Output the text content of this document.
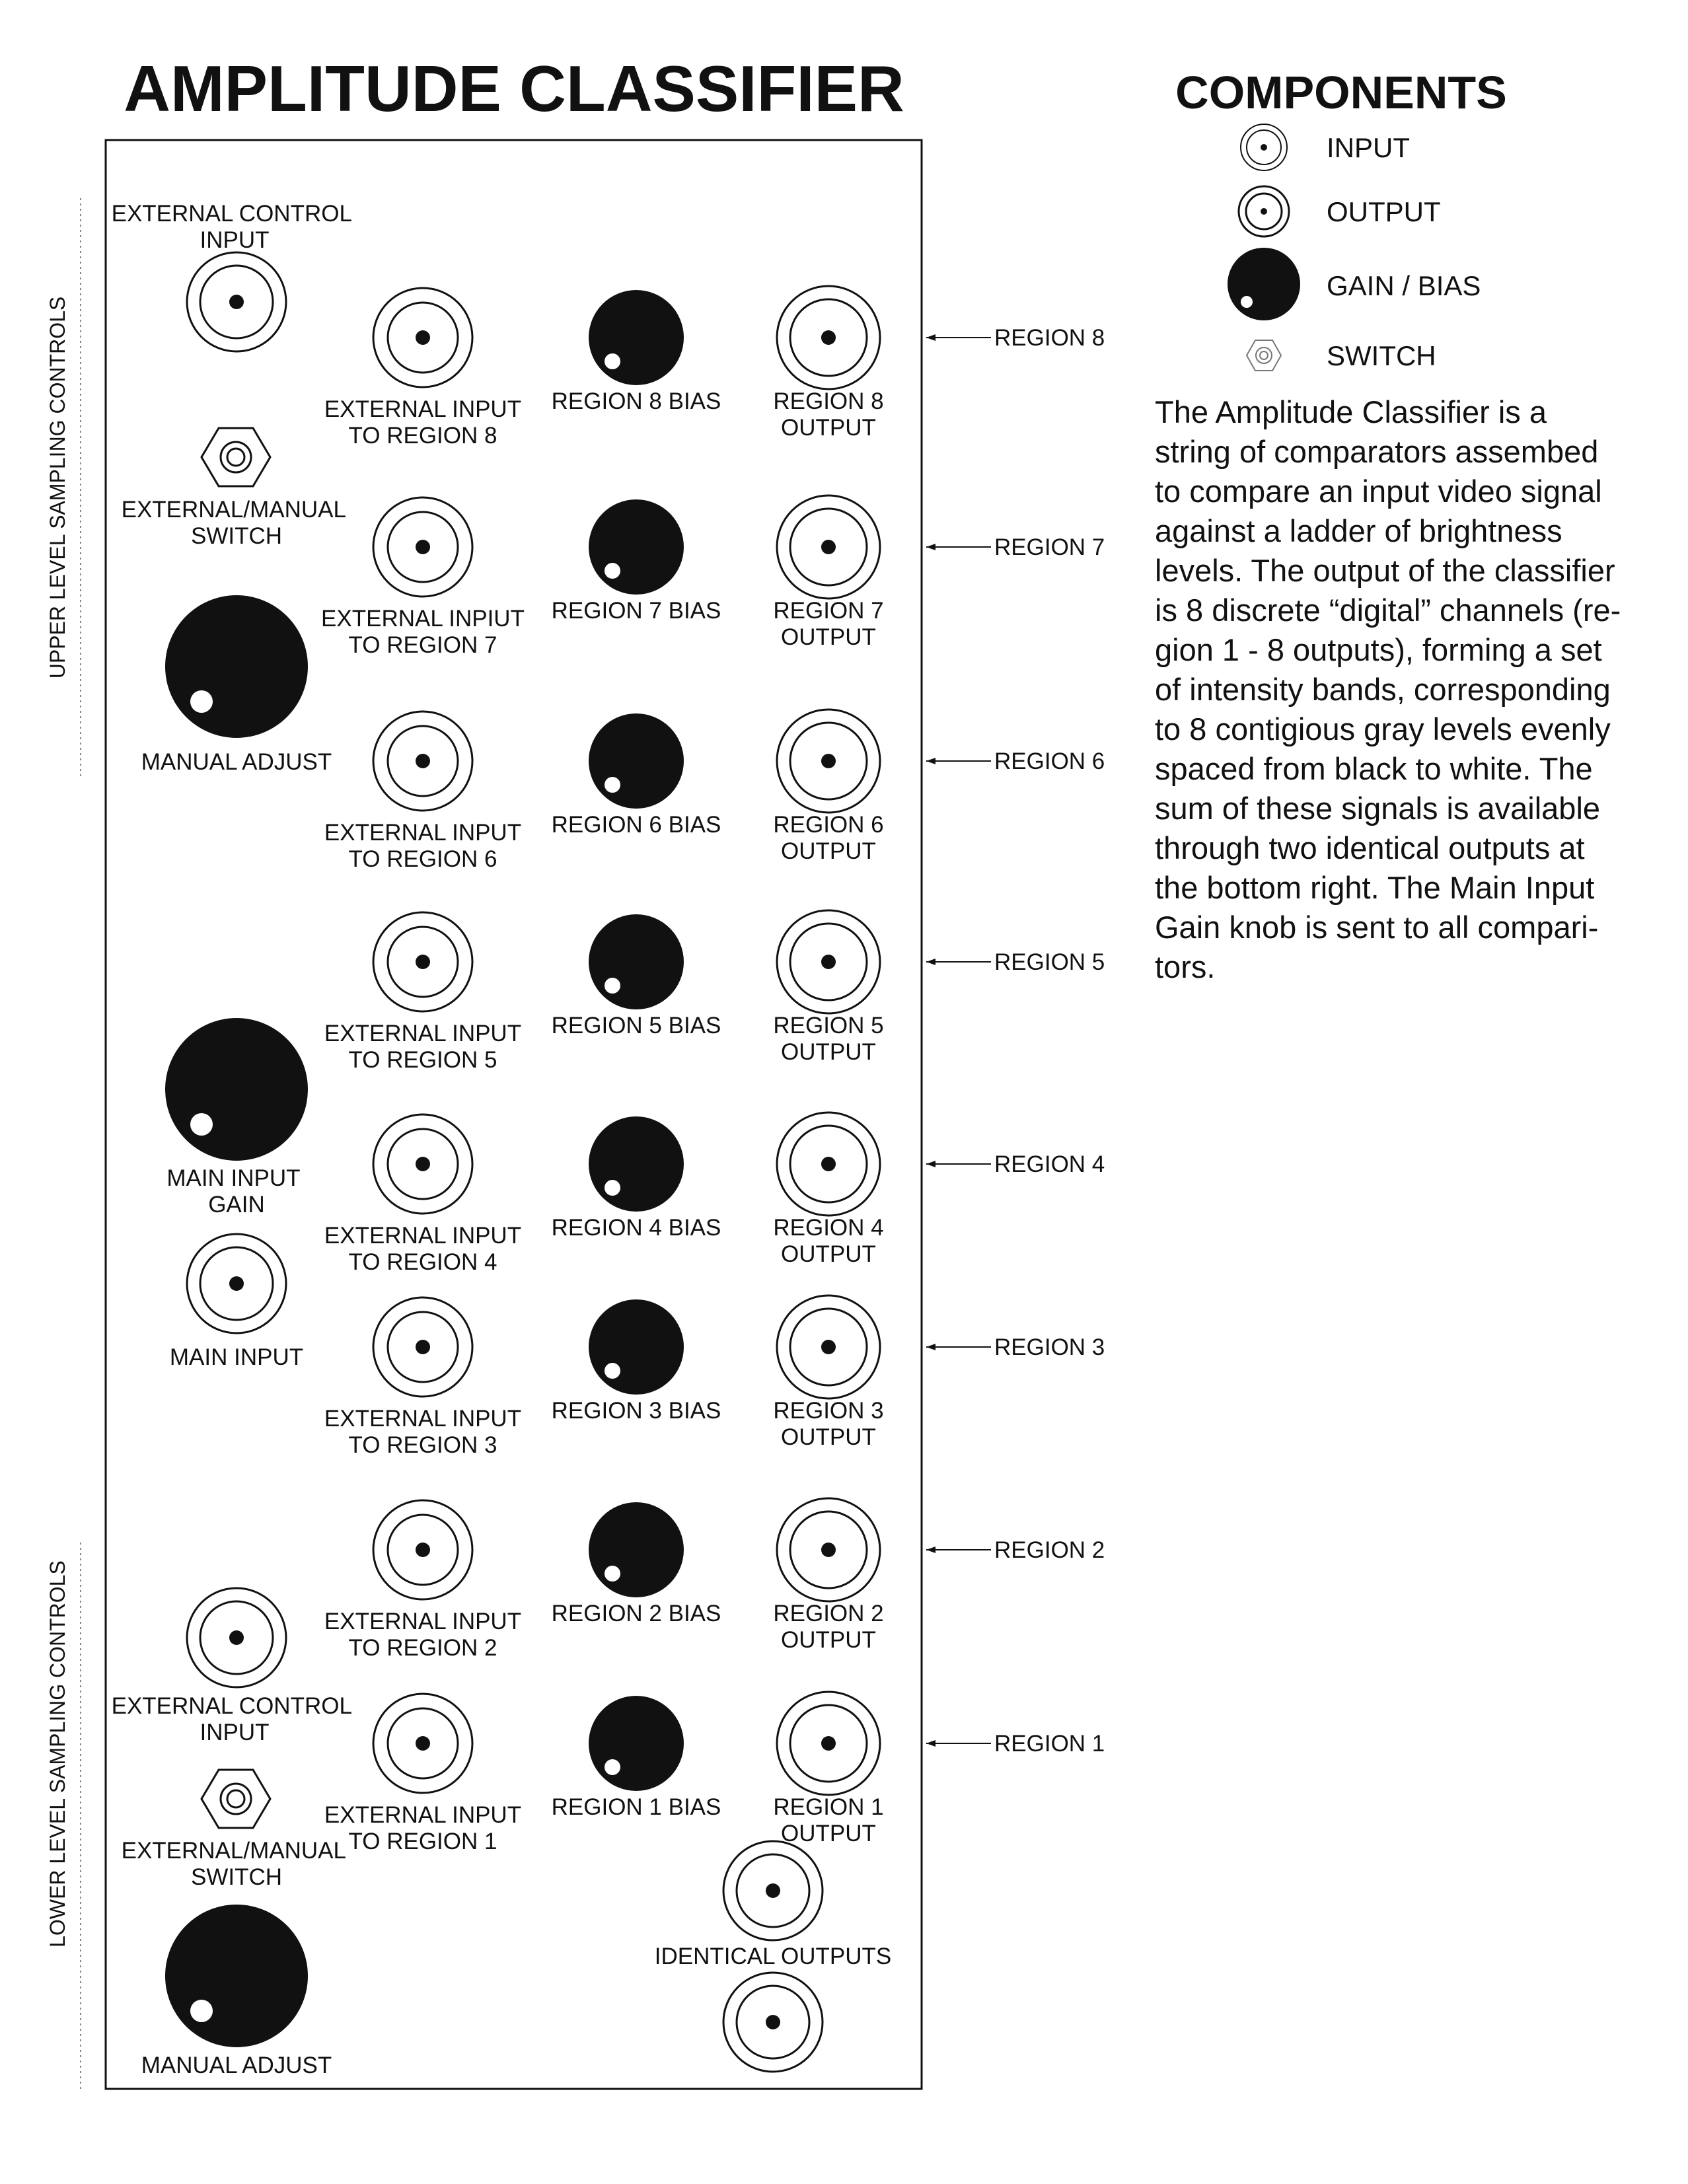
AMPLITUDE CLASSIFIER
UPPER LEVEL SAMPLING CONTROLS
LOWER LEVEL SAMPLING CONTROLS
EXTERNAL CONTROL INPUT
EXTERNAL/MANUAL SWITCH
MANUAL ADJUST
MAIN INPUT GAIN
MAIN INPUT
EXTERNAL CONTROL INPUT
EXTERNAL/MANUAL SWITCH
MANUAL ADJUST
EXTERNAL INPUT TO REGION 8
REGION 8 BIAS REGION 8 OUTPUT
REGION 8
EXTERNAL INPIUT TO REGION 7
REGION 7 BIAS REGION 7 OUTPUT
REGION 7
EXTERNAL INPUT TO REGION 6
REGION 6 BIAS REGION 6 OUTPUT
REGION 6
EXTERNAL INPUT TO REGION 5
REGION 5 BIAS REGION 5 OUTPUT
REGION 5
EXTERNAL INPUT TO REGION 4
REGION 4 BIAS REGION 4 OUTPUT
REGION 4
EXTERNAL INPUT TO REGION 3
REGION 3 BIAS REGION 3 OUTPUT
REGION 3
EXTERNAL INPUT TO REGION 2
REGION 2 BIAS REGION 2 OUTPUT
REGION 2
EXTERNAL INPUT TO REGION 1
REGION 1 BIAS REGION 1 OUTPUT
REGION 1
IDENTICAL OUTPUTS
COMPONENTS
INPUT
OUTPUT
GAIN / BIAS
SWITCH
The Amplitude Classifier is a string of comparators assembed to compare an input video signal against a ladder of brightness levels. The output of the classifier is 8 discrete “digital” channels (re- gion 1 - 8 outputs), forming a set of intensity bands, corresponding to 8 contigious gray levels evenly spaced from black to white. The sum of these signals is available through two identical outputs at the bottom right. The Main Input Gain knob is sent to all compari- tors.
